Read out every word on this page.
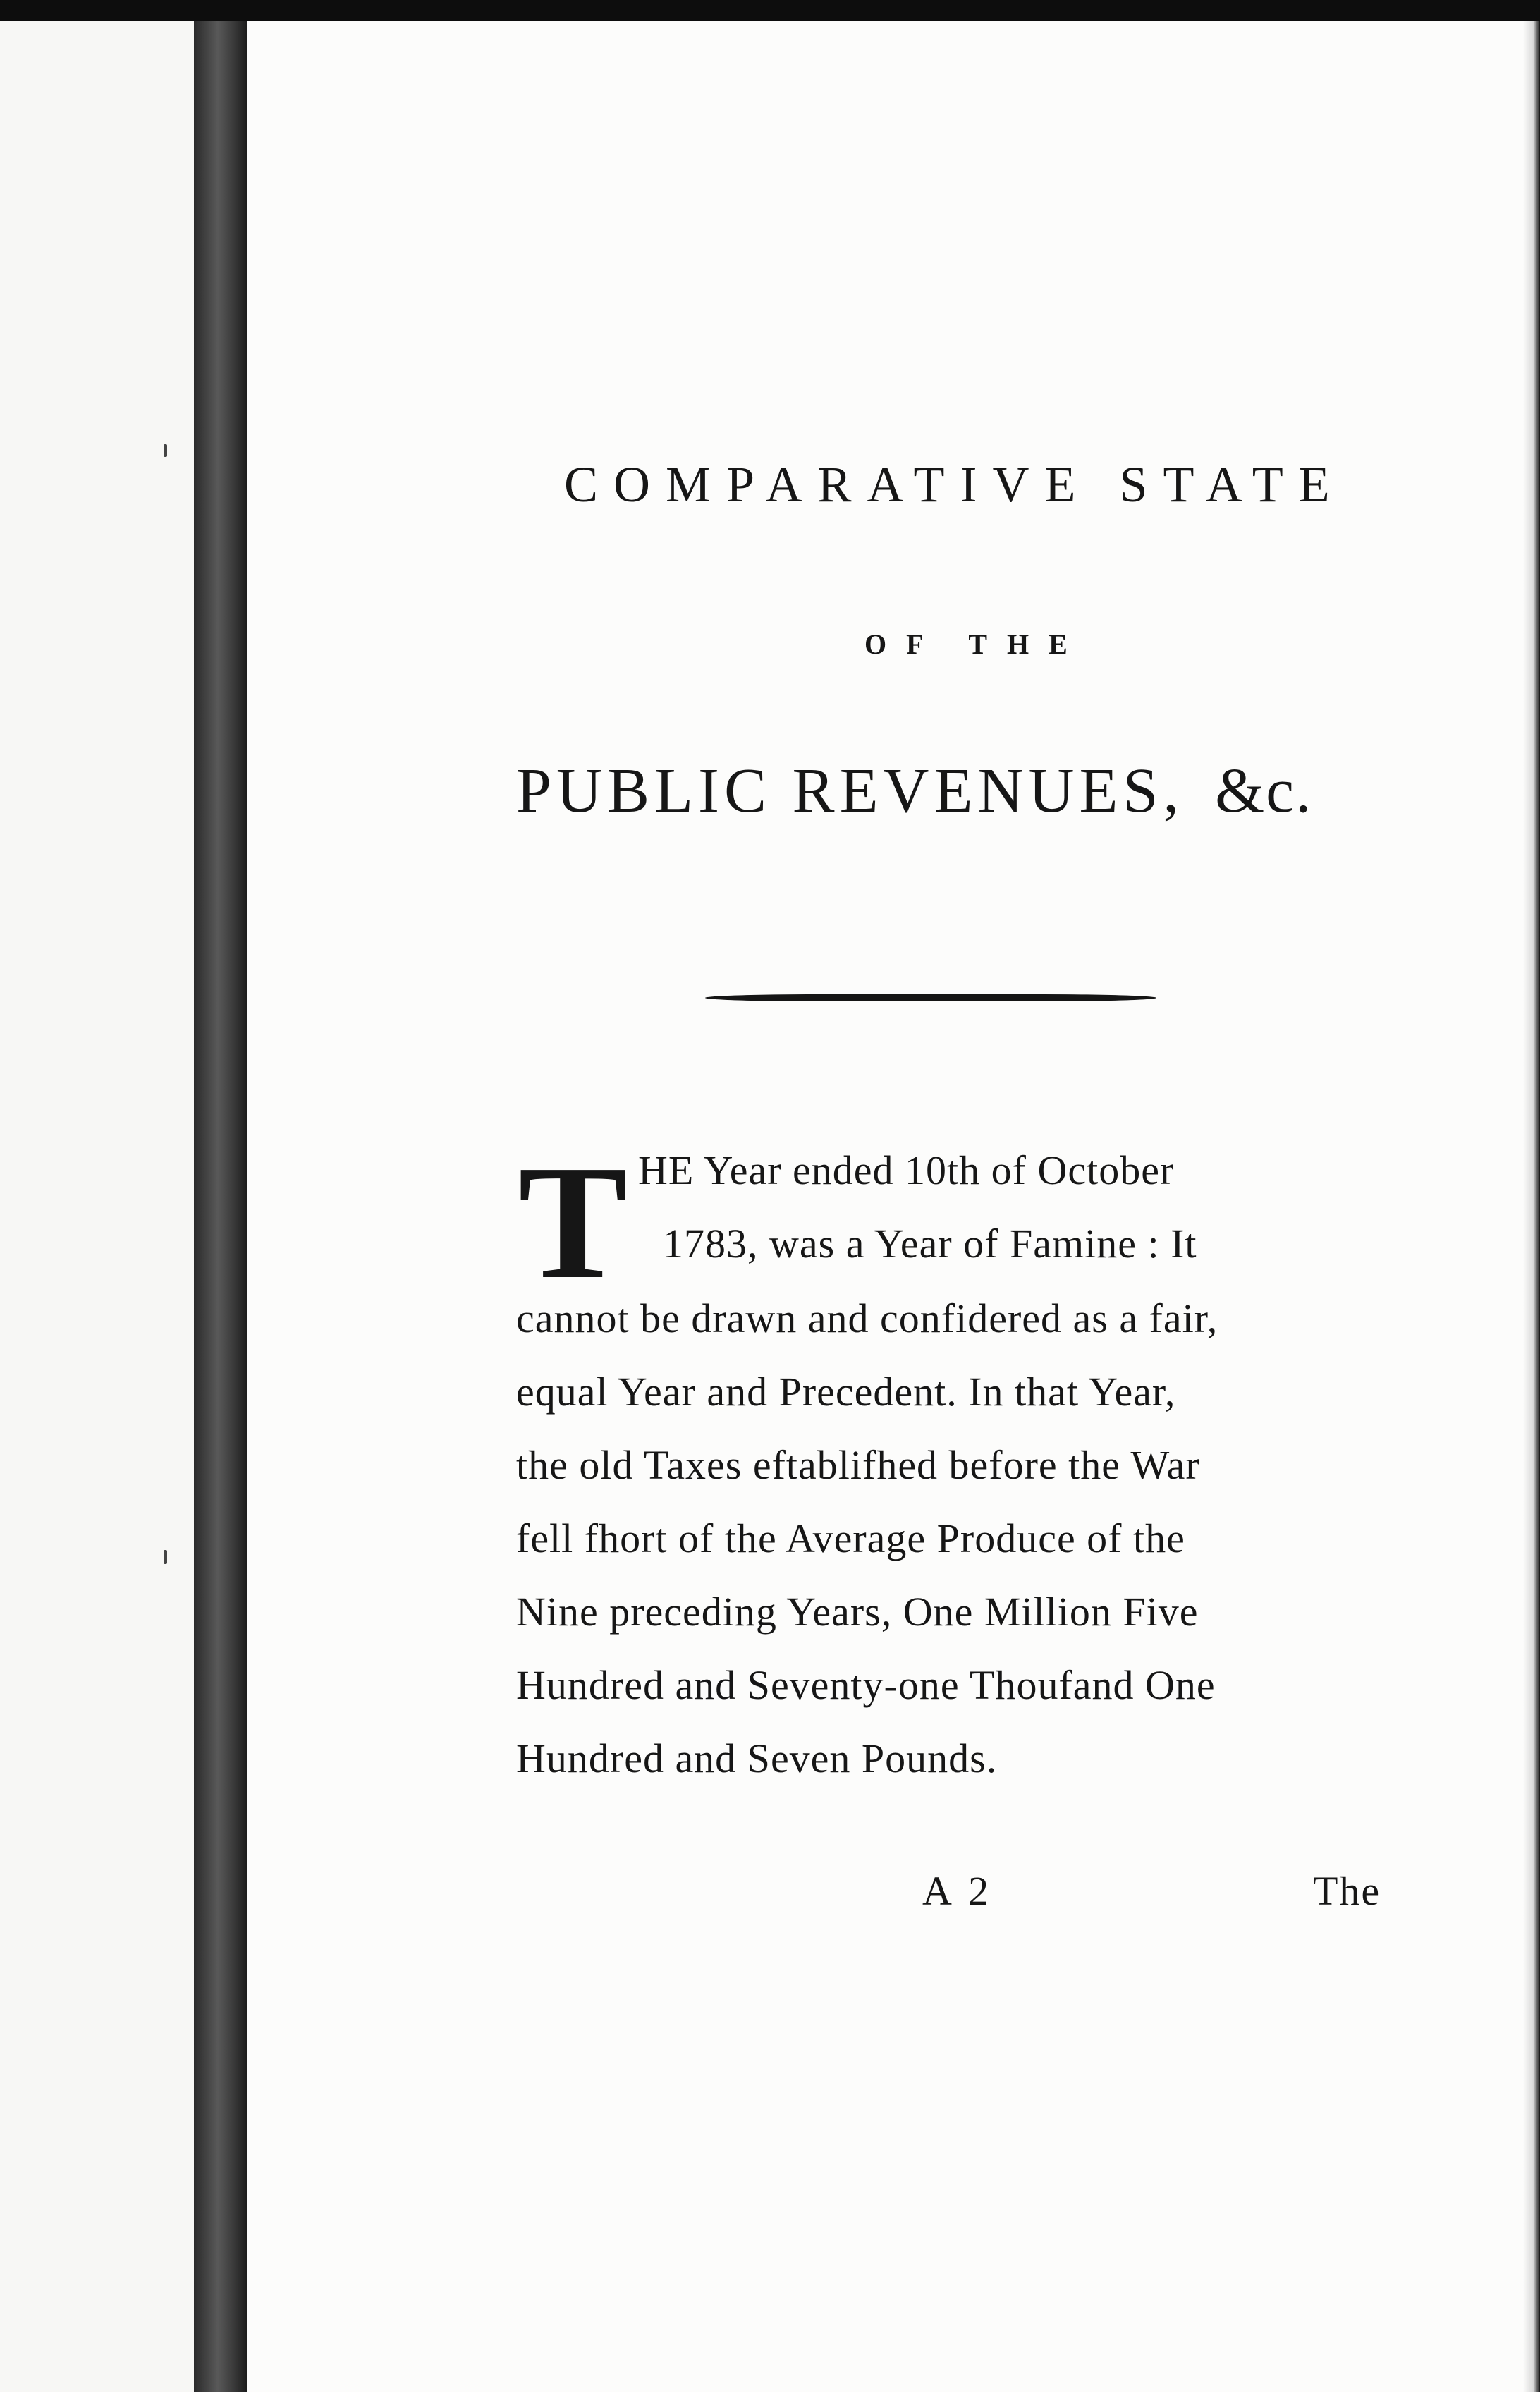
COMPARATIVE STATE
OF THE
PUBLIC REVENUES, &c.
T HE Year ended 10th of October
1783, was a Year of Famine : It
cannot be drawn and confidered as a fair,
equal Year and Precedent. In that Year,
the old Taxes eftablifhed before the War
fell fhort of the Average Produce of the
Nine preceding Years, One Million Five
Hundred and Seventy-one Thoufand One
Hundred and Seven Pounds.
A 2	The
